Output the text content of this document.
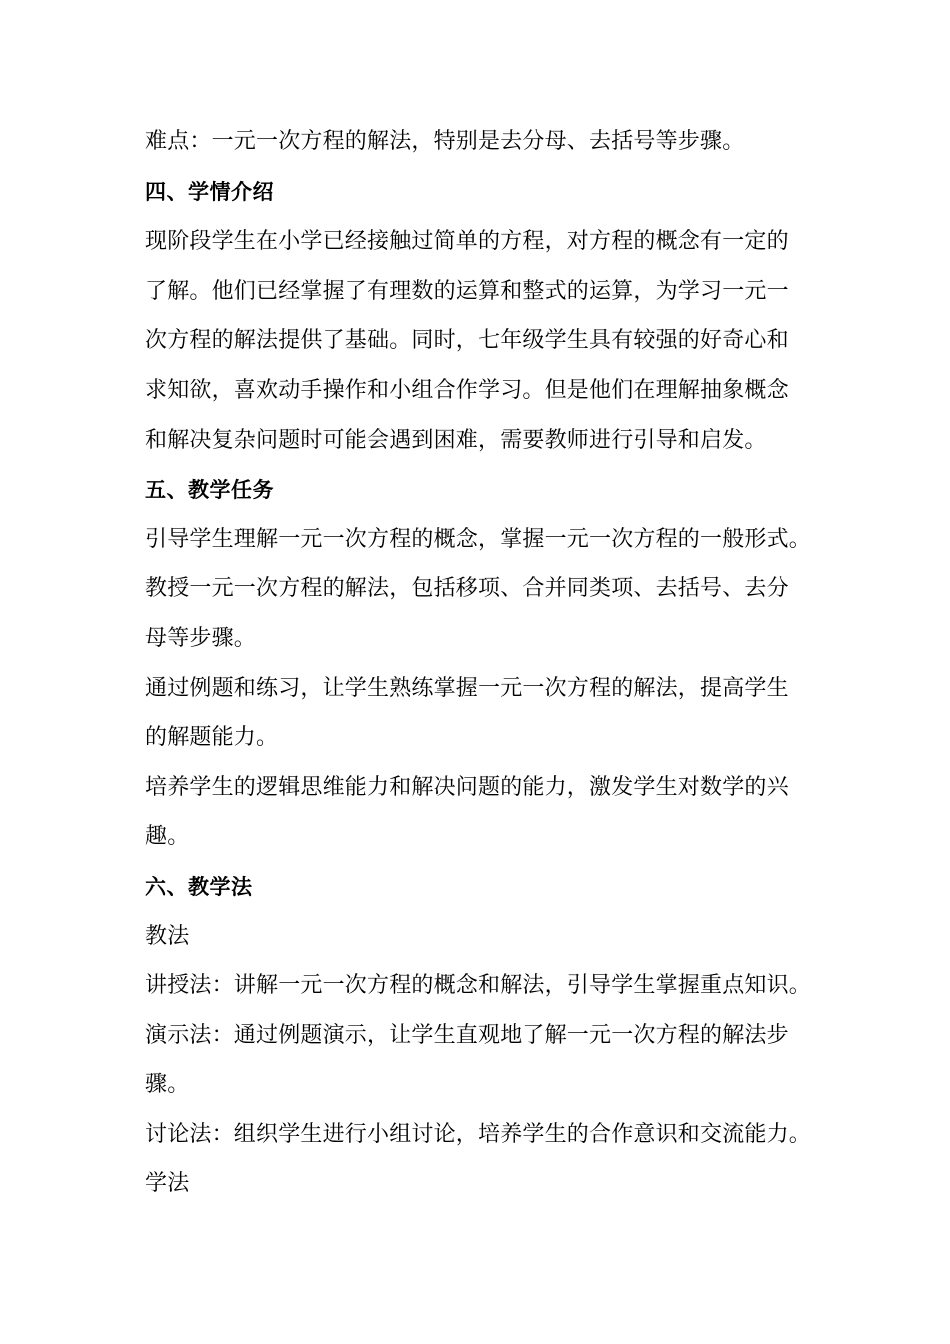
难点：一元一次方程的解法，特别是去分母、去括号等步骤。
四、学情介绍
现阶段学生在小学已经接触过简单的方程，对方程的概念有一定的
了解。他们已经掌握了有理数的运算和整式的运算，为学习一元一
次方程的解法提供了基础。同时，七年级学生具有较强的好奇心和
求知欲，喜欢动手操作和小组合作学习。但是他们在理解抽象概念
和解决复杂问题时可能会遇到困难，需要教师进行引导和启发。
五、教学任务
引导学生理解一元一次方程的概念，掌握一元一次方程的一般形式。
教授一元一次方程的解法，包括移项、合并同类项、去括号、去分
母等步骤。
通过例题和练习，让学生熟练掌握一元一次方程的解法，提高学生
的解题能力。
培养学生的逻辑思维能力和解决问题的能力，激发学生对数学的兴
趣。
六、教学法
教法
讲授法：讲解一元一次方程的概念和解法，引导学生掌握重点知识。
演示法：通过例题演示，让学生直观地了解一元一次方程的解法步
骤。
讨论法：组织学生进行小组讨论，培养学生的合作意识和交流能力。
学法
